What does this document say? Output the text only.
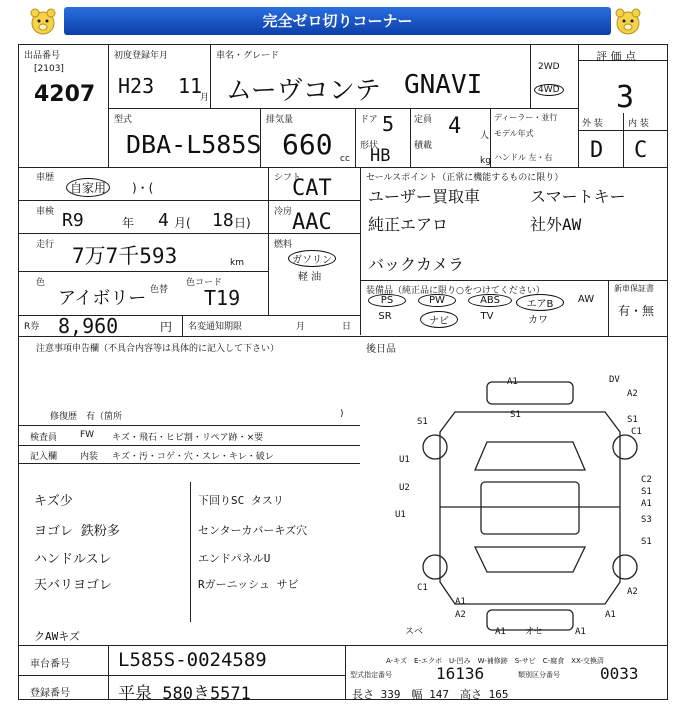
完全ゼロ切りコーナー
出品番号
[2103]
4207
初度登録年月
H23 11
月
車名・グレード
ムーヴコンテ GNAVI
2WD
4WD
評 価 点
3
型式
DBA-L585S
排気量
660 cc
ドア 5
形状
HB
定員 4 人
積載
kg
ディーラー・並行
モデル年式
ハンドル 左・右
外 装	内 装
D C
車歴
自家用	)・(
車検 R9	年 4 月( 18 日)
走行 7万7千593	km
色
アイボリー 色替
色コード
T19
シフト
CAT
冷房 AAC
燃料
ガソリン
軽 油
R券 8,960	円 名変通知期限	月	日
セールスポイント（正常に機能するものに限り）
ユーザー買取車	スマートキー
純正エアロ	社外AW
バックカメラ
装備品（純正品に限り○をつけてください）
PS	PW	ABS	エアB	AW
SR	ナビ	TV	カワ
新車保証書
有・無
後日品
注意事項申告欄（不具合内容等は具体的に記入して下さい）
修復歴　有（箇所	)
検査員	FW キズ・飛石・ヒビ割・リペア跡・×要
記入欄	内装 キズ・汚・コゲ・穴・スレ・キレ・破レ
キズ少
ヨゴレ 鉄粉多
ハンドルスレ
天バリヨゴレ
下回りSC タスリ
センターカバーキズ穴
エンドパネルU
Rガーニッシュ サビ
クAWキズ
A1	DV
A2
S1	S1
U1
S1
C1
U2
U1
C2
S1
A1
S3
S1
C1	A2
A1
A2	A1
スベ	A1 オセ	A1
A-キズ　E-エクボ　U-凹み　W-補修跡　S-サビ　C-腐食　XX-交換済
車台番号	L585S-0024589
登録番号	平泉 580き5571
型式指定番号	16136	類別区分番号	0033
長さ 339　幅 147　高さ 165
